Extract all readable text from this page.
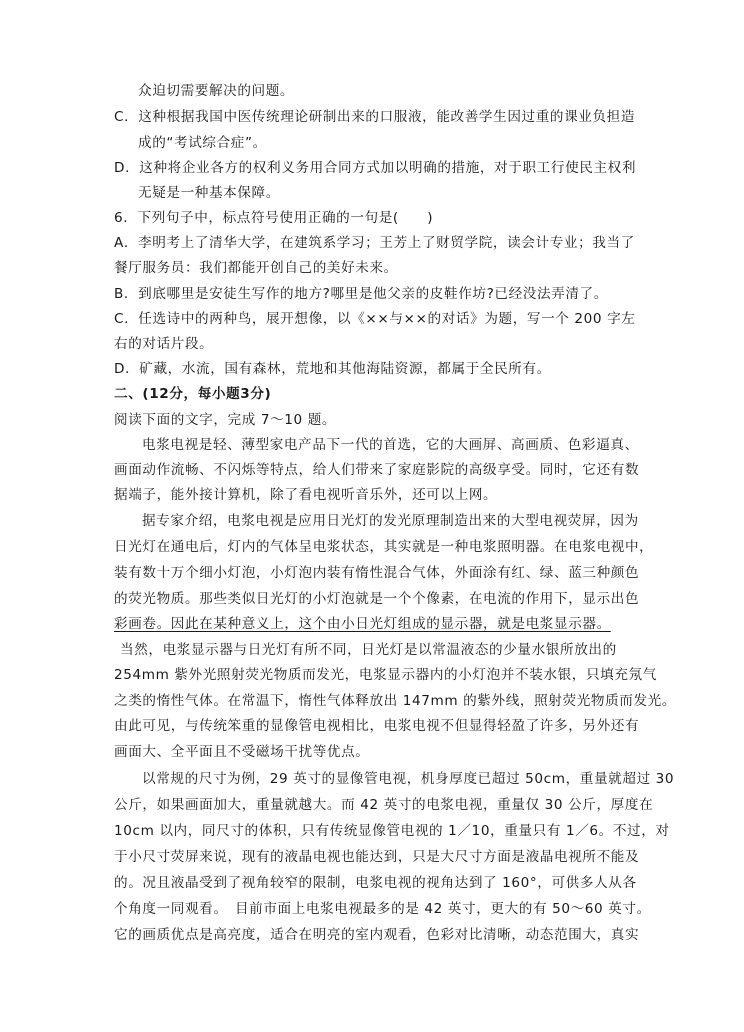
众迫切需要解决的问题。
C．这种根据我国中医传统理论研制出来的口服液，能改善学生因过重的课业负担造
成的“考试综合症”。
D．这种将企业各方的权利义务用合同方式加以明确的措施，对于职工行使民主权利
无疑是一种基本保障。
6．下列句子中，标点符号使用正确的一句是(　　)
A．李明考上了清华大学，在建筑系学习；王芳上了财贸学院，读会计专业；我当了
餐厅服务员：我们都能开创自己的美好未来。
B．到底哪里是安徒生写作的地方?哪里是他父亲的皮鞋作坊?已经没法弄清了。
C．任选诗中的两种鸟，展开想像，以《××与××的对话》为题，写一个 200 字左
右的对话片段。
D．矿藏，水流，国有森林，荒地和其他海陆资源，都属于全民所有。
二、(12分，每小题3分)
阅读下面的文字，完成 7～10 题。
电浆电视是轻、薄型家电产品下一代的首选，它的大画屏、高画质、色彩逼真、
画面动作流畅、不闪烁等特点，给人们带来了家庭影院的高级享受。同时，它还有数
据端子，能外接计算机，除了看电视听音乐外，还可以上网。
据专家介绍，电浆电视是应用日光灯的发光原理制造出来的大型电视荧屏，因为
日光灯在通电后，灯内的气体呈电浆状态，其实就是一种电浆照明器。在电浆电视中，
装有数十万个细小灯泡，小灯泡内装有惰性混合气体，外面涂有红、绿、蓝三种颜色
的荧光物质。那些类似日光灯的小灯泡就是一个个像素，在电流的作用下，显示出色
彩画卷。因此在某种意义上，这个由小日光灯组成的显示器，就是电浆显示器。
当然，电浆显示器与日光灯有所不同，日光灯是以常温液态的少量水银所放出的
254mm 紫外光照射荧光物质而发光，电浆显示器内的小灯泡并不装水银，只填充氖气
之类的惰性气体。在常温下，惰性气体释放出 147mm 的紫外线，照射荧光物质而发光。
由此可见，与传统笨重的显像管电视相比，电浆电视不但显得轻盈了许多，另外还有
画面大、全平面且不受磁场干扰等优点。
以常规的尺寸为例，29 英寸的显像管电视，机身厚度已超过 50cm，重量就超过 30
公斤，如果画面加大，重量就越大。而 42 英寸的电浆电视，重量仅 30 公斤，厚度在
10cm 以内，同尺寸的体积，只有传统显像管电视的 1／10，重量只有 1／6。不过，对
于小尺寸荧屏来说，现有的液晶电视也能达到，只是大尺寸方面是液晶电视所不能及
的。况且液晶受到了视角较窄的限制，电浆电视的视角达到了 160°，可供多人从各
个角度一同观看。　目前市面上电浆电视最多的是 42 英寸，更大的有 50～60 英寸。
它的画质优点是高亮度，适合在明亮的室内观看，色彩对比清晰，动态范围大，真实
